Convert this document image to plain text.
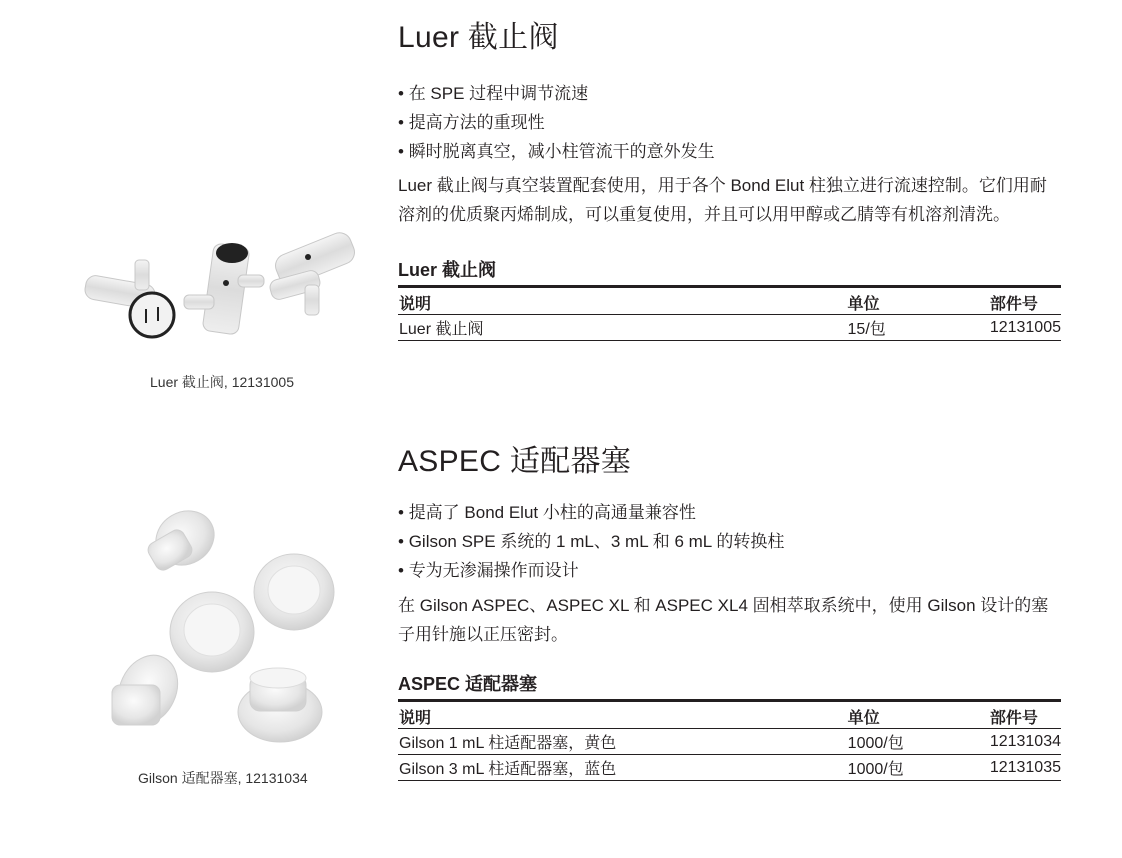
Luer 截止阀, 12131005
Luer 截止阀
• 在 SPE 过程中调节流速
• 提高方法的重现性
• 瞬时脱离真空，减小柱管流干的意外发生

Luer 截止阀与真空装置配套使用，用于各个 Bond Elut 柱独立进行流速控制。它们用耐溶剂的优质聚丙烯制成，可以重复使用，并且可以用甲醇或乙腈等有机溶剂清洗。

Luer 截止阀
说明	单位	部件号
Luer 截止阀	15/包	12131005
Gilson 适配器塞, 12131034
ASPEC 适配器塞
• 提高了 Bond Elut 小柱的高通量兼容性
• Gilson SPE 系统的 1 mL、3 mL 和 6 mL 的转换柱
• 专为无渗漏操作而设计

在 Gilson ASPEC、ASPEC XL 和 ASPEC XL4 固相萃取系统中，使用 Gilson 设计的塞子用针施以正压密封。

ASPEC 适配器塞
说明	单位	部件号
Gilson 1 mL 柱适配器塞，黄色	1000/包	12131034
Gilson 3 mL 柱适配器塞，蓝色	1000/包	12131035
